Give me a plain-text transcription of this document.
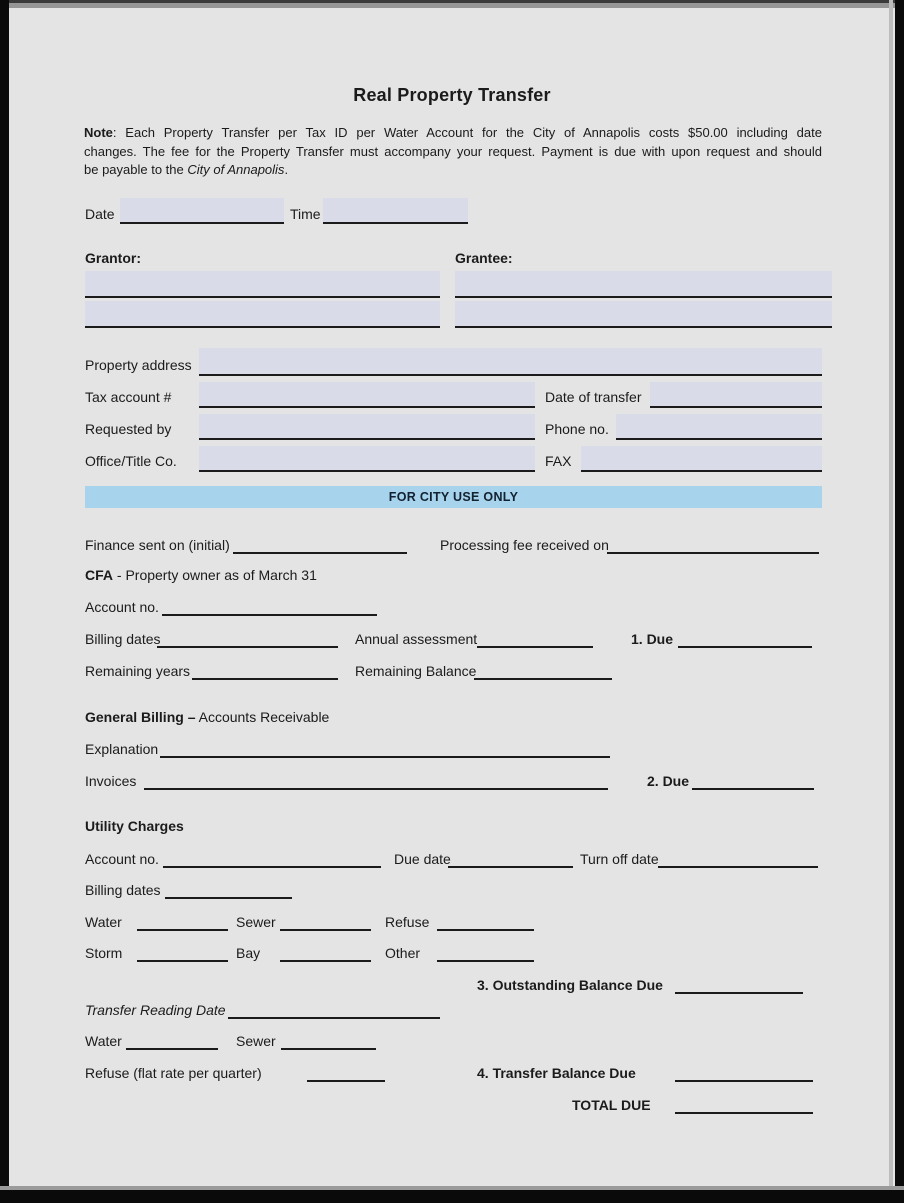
Real Property Transfer
Note: Each Property Transfer per Tax ID per Water Account for the City of Annapolis costs $50.00 including date
changes. The fee for the Property Transfer must accompany your request. Payment is due with upon request and should
be payable to the City of Annapolis.
Date	Time
Grantor:	Grantee:
Property address
Tax account #	Date of transfer
Requested by	Phone no.
Office/Title Co.	FAX
FOR CITY USE ONLY
Finance sent on (initial)	Processing fee received on
CFA - Property owner as of March 31
Account no.
Billing dates	Annual assessment	1. Due
Remaining years	Remaining Balance
General Billing – Accounts Receivable
Explanation
Invoices	2. Due
Utility Charges
Account no.	Due date	Turn off date
Billing dates
Water	Sewer	Refuse
Storm	Bay	Other
3. Outstanding Balance Due
Transfer Reading Date
Water	Sewer
Refuse (flat rate per quarter)	4. Transfer Balance Due
TOTAL DUE
